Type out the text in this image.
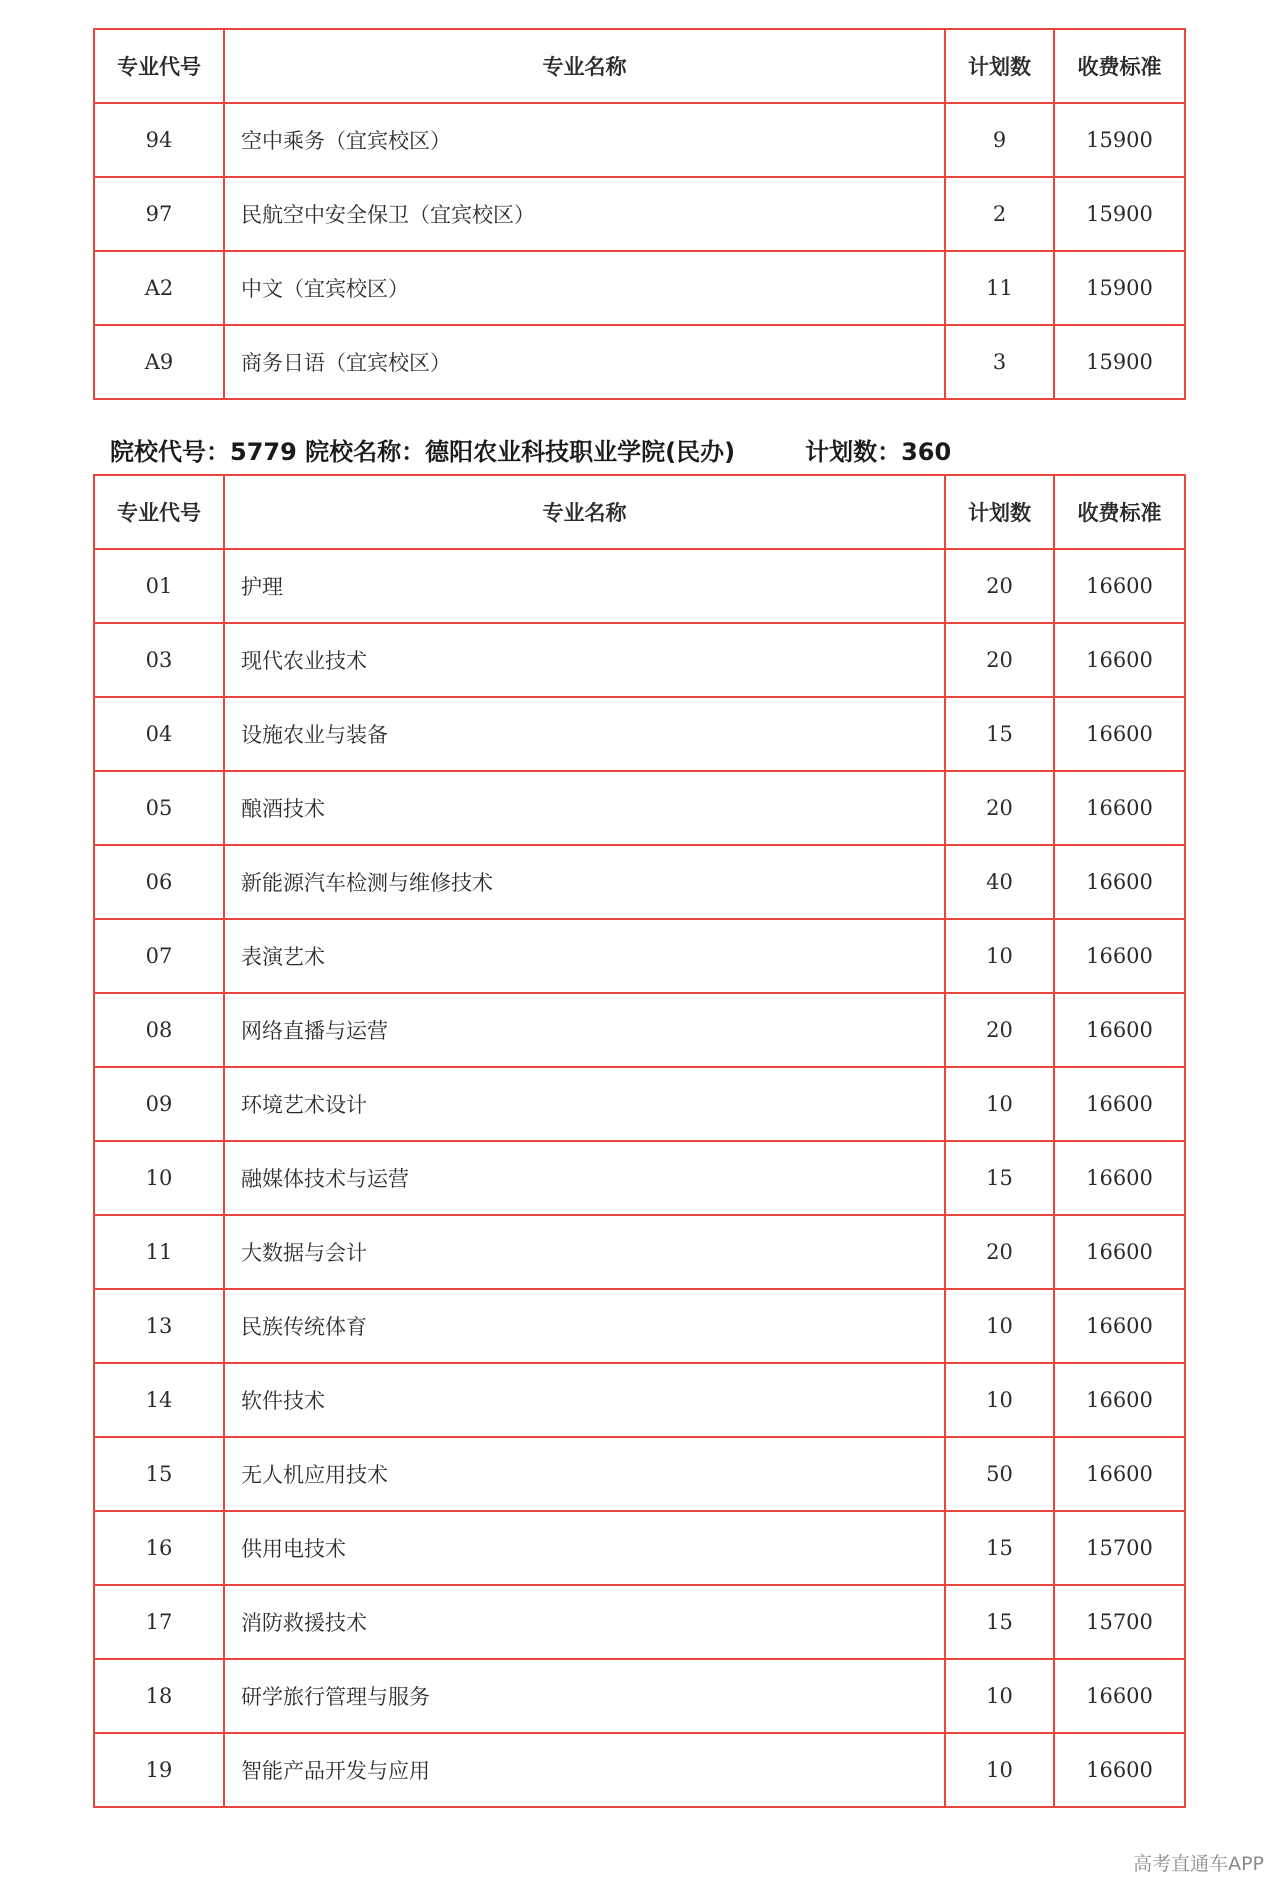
专业代号	专业名称	计划数	收费标准
94	空中乘务（宜宾校区）	9	15900
97	民航空中安全保卫（宜宾校区）	2	15900
A2	中文（宜宾校区）	11	15900
A9	商务日语（宜宾校区）	3	15900
院校代号：5779 院校名称：德阳农业科技职业学院(民办)	计划数：360
专业代号	专业名称	计划数	收费标准
01	护理	20	16600
03	现代农业技术	20	16600
04	设施农业与装备	15	16600
05	酿酒技术	20	16600
06	新能源汽车检测与维修技术	40	16600
07	表演艺术	10	16600
08	网络直播与运营	20	16600
09	环境艺术设计	10	16600
10	融媒体技术与运营	15	16600
11	大数据与会计	20	16600
13	民族传统体育	10	16600
14	软件技术	10	16600
15	无人机应用技术	50	16600
16	供用电技术	15	15700
17	消防救援技术	15	15700
18	研学旅行管理与服务	10	16600
19	智能产品开发与应用	10	16600
高考直通车APP
